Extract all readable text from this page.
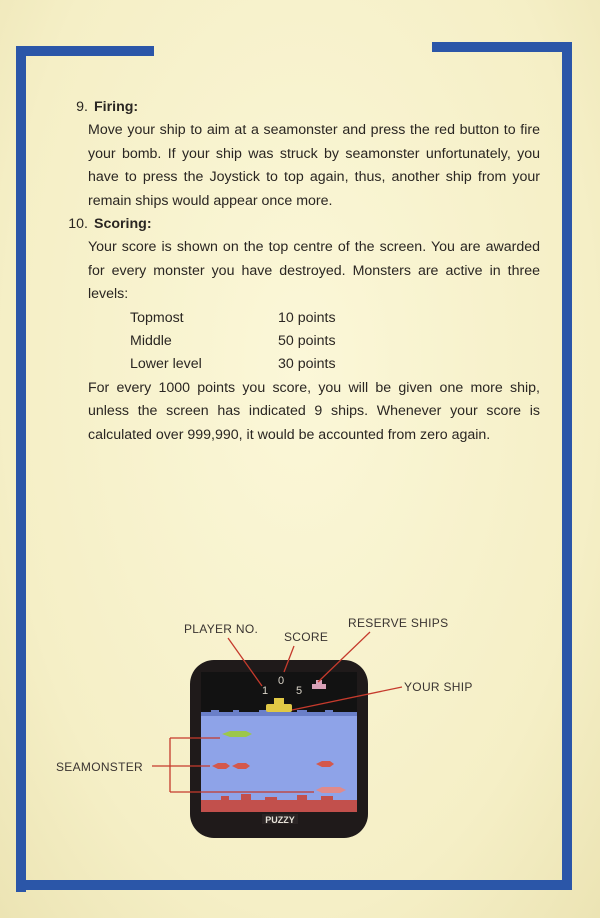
9. Firing:
Move your ship to aim at a seamonster and press the red button to fire your bomb. If your ship was struck by seamonster unfortunately, you have to press the Joystick to top again, thus, another ship from your remain ships would appear once more.
10. Scoring:
Your score is shown on the top centre of the screen. You are awarded for every monster you have destroyed. Monsters are active in three levels:
Topmost	10 points
Middle	50 points
Lower level	30 points
For every 1000 points you score, you will be given one more ship, unless the screen has indicated 9 ships. Whenever your score is calculated over 999,990, it would be accounted from zero again.
PLAYER NO.
SCORE
RESERVE SHIPS
YOUR SHIP
SEAMONSTER
1
0
5
PUZZY
